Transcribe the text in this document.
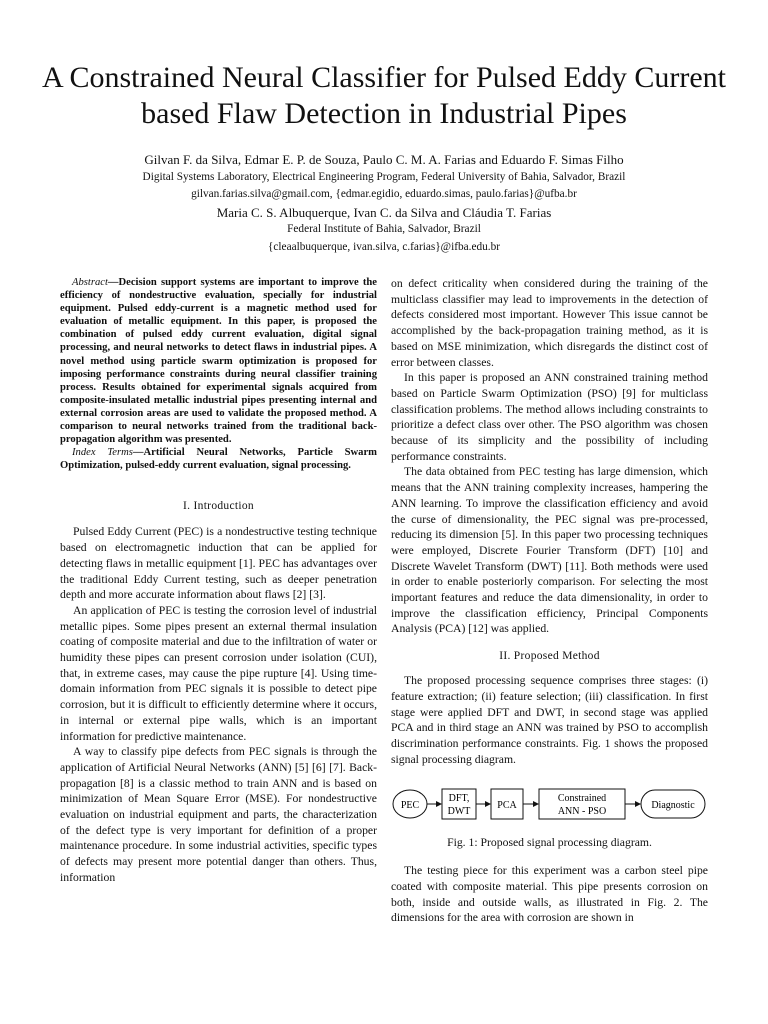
A Constrained Neural Classifier for Pulsed Eddy Current based Flaw Detection in Industrial Pipes
Gilvan F. da Silva, Edmar E. P. de Souza, Paulo C. M. A. Farias and Eduardo F. Simas Filho
Digital Systems Laboratory, Electrical Engineering Program, Federal University of Bahia, Salvador, Brazil
gilvan.farias.silva@gmail.com, {edmar.egidio, eduardo.simas, paulo.farias}@ufba.br
Maria C. S. Albuquerque, Ivan C. da Silva and Cláudia T. Farias
Federal Institute of Bahia, Salvador, Brazil
{cleaalbuquerque, ivan.silva, c.farias}@ifba.edu.br

Abstract—Decision support systems are important to improve the efficiency of nondestructive evaluation, specially for industrial equipment. Pulsed eddy-current is a magnetic method used for evaluation of metallic equipment. In this paper, is proposed the combination of pulsed eddy current evaluation, digital signal processing, and neural networks to detect flaws in industrial pipes. A novel method using particle swarm optimization is proposed for imposing performance constraints during neural classifier training process. Results obtained for experimental signals acquired from composite-insulated metallic industrial pipes presenting internal and external corrosion areas are used to validate the proposed method. A comparison to neural networks trained from the traditional back-propagation algorithm was presented.

Index Terms—Artificial Neural Networks, Particle Swarm Optimization, pulsed-eddy current evaluation, signal processing.

I. Introduction

Pulsed Eddy Current (PEC) is a nondestructive testing technique based on electromagnetic induction that can be applied for detecting flaws in metallic equipment [1]. PEC has advantages over the traditional Eddy Current testing, such as deeper penetration depth and more accurate information about flaws [2] [3].

An application of PEC is testing the corrosion level of industrial metallic pipes. Some pipes present an external thermal insulation coating of composite material and due to the infiltration of water or humidity these pipes can present corrosion under isolation (CUI), that, in extreme cases, may cause the pipe rupture [4]. Using time-domain information from PEC signals it is possible to detect pipe corrosion, but it is difficult to efficiently determine where it occurs, in internal or external pipe walls, which is an important information for predictive maintenance.

A way to classify pipe defects from PEC signals is through the application of Artificial Neural Networks (ANN) [5] [6] [7]. Back-propagation [8] is a classic method to train ANN and is based on minimization of Mean Square Error (MSE). For nondestructive evaluation on industrial equipment and parts, the characterization of the defect type is very important for definition of a proper maintenance procedure. In some industrial activities, specific types of defects may present more potential danger than others. Thus, information

on defect criticality when considered during the training of the multiclass classifier may lead to improvements in the detection of defects considered most important. However This issue cannot be accomplished by the back-propagation training method, as it is based on MSE minimization, which disregards the distinct cost of error between classes.

In this paper is proposed an ANN constrained training method based on Particle Swarm Optimization (PSO) [9] for multiclass classification problems. The method allows including constraints to prioritize a defect class over other. The PSO algorithm was chosen because of its simplicity and the possibility of including performance constraints.

The data obtained from PEC testing has large dimension, which means that the ANN training complexity increases, hampering the ANN learning. To improve the classification efficiency and avoid the curse of dimensionality, the PEC signal was pre-processed, reducing its dimension [5]. In this paper two processing techniques were employed, Discrete Fourier Transform (DFT) [10] and Discrete Wavelet Transform (DWT) [11]. Both methods were used in order to enable posteriorly comparison. For selecting the most important features and reduce the data dimensionality, in order to improve the classification efficiency, Principal Components Analysis (PCA) [12] was applied.

II. Proposed Method

The proposed processing sequence comprises three stages: (i) feature extraction; (ii) feature selection; (iii) classification. In first stage were applied DFT and DWT, in second stage was applied PCA and in third stage an ANN was trained by PSO to accomplish discrimination performance constraints. Fig. 1 shows the proposed signal processing diagram.

PEC
DFT,
DWT
PCA
Constrained
ANN - PSO
Diagnostic
Fig. 1: Proposed signal processing diagram.

The testing piece for this experiment was a carbon steel pipe coated with composite material. This pipe presents corrosion on both, inside and outside walls, as illustrated in Fig. 2. The dimensions for the area with corrosion are shown in
